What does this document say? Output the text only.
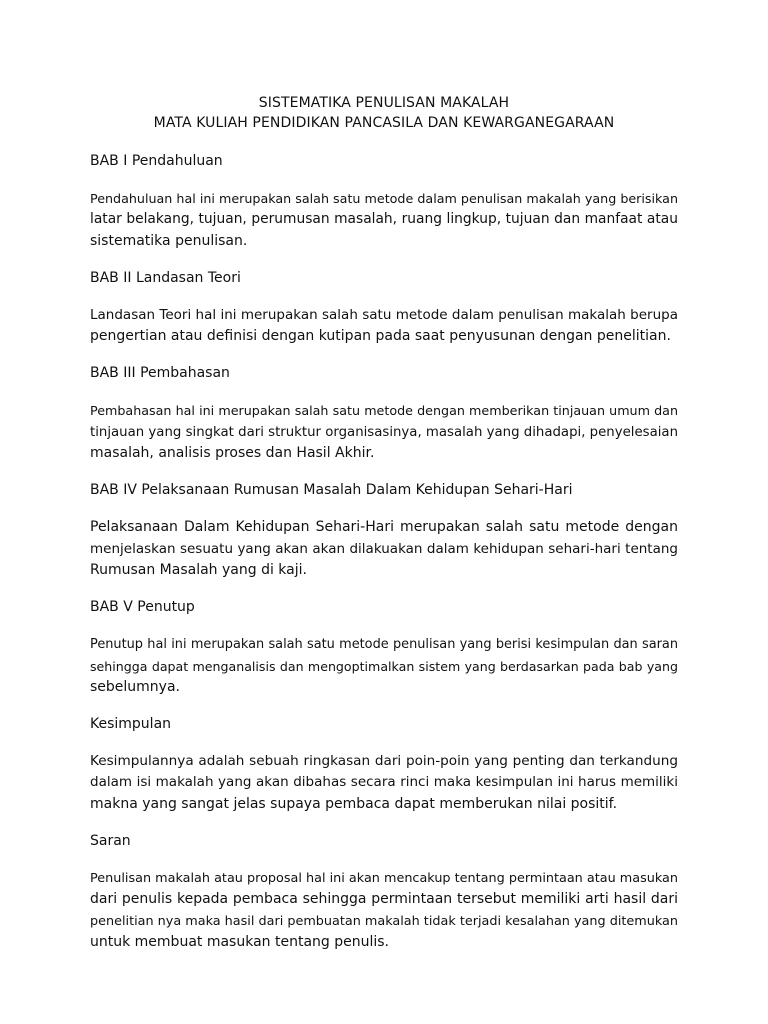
SISTEMATIKA PENULISAN MAKALAH
MATA KULIAH PENDIDIKAN PANCASILA DAN KEWARGANEGARAAN
BAB I Pendahuluan

Pendahuluan hal ini merupakan salah satu metode dalam penulisan makalah yang berisikan
latar belakang, tujuan, perumusan masalah, ruang lingkup, tujuan dan manfaat atau
sistematika penulisan.

BAB II Landasan Teori

Landasan Teori hal ini merupakan salah satu metode dalam penulisan makalah berupa
pengertian atau definisi dengan kutipan pada saat penyusunan dengan penelitian.

BAB III Pembahasan

Pembahasan hal ini merupakan salah satu metode dengan memberikan tinjauan umum dan
tinjauan yang singkat dari struktur organisasinya, masalah yang dihadapi, penyelesaian
masalah, analisis proses dan Hasil Akhir.

BAB IV Pelaksanaan Rumusan Masalah Dalam Kehidupan Sehari-Hari

Pelaksanaan Dalam Kehidupan Sehari-Hari merupakan salah satu metode dengan
menjelaskan sesuatu yang akan akan dilakuakan dalam kehidupan sehari-hari tentang
Rumusan Masalah yang di kaji.

BAB V Penutup

Penutup hal ini merupakan salah satu metode penulisan yang berisi kesimpulan dan saran
sehingga dapat menganalisis dan mengoptimalkan sistem yang berdasarkan pada bab yang
sebelumnya.

Kesimpulan

Kesimpulannya adalah sebuah ringkasan dari poin-poin yang penting dan terkandung
dalam isi makalah yang akan dibahas secara rinci maka kesimpulan ini harus memiliki
makna yang sangat jelas supaya pembaca dapat memberukan nilai positif.

Saran

Penulisan makalah atau proposal hal ini akan mencakup tentang permintaan atau masukan
dari penulis kepada pembaca sehingga permintaan tersebut memiliki arti hasil dari
penelitian nya maka hasil dari pembuatan makalah tidak terjadi kesalahan yang ditemukan
untuk membuat masukan tentang penulis.
